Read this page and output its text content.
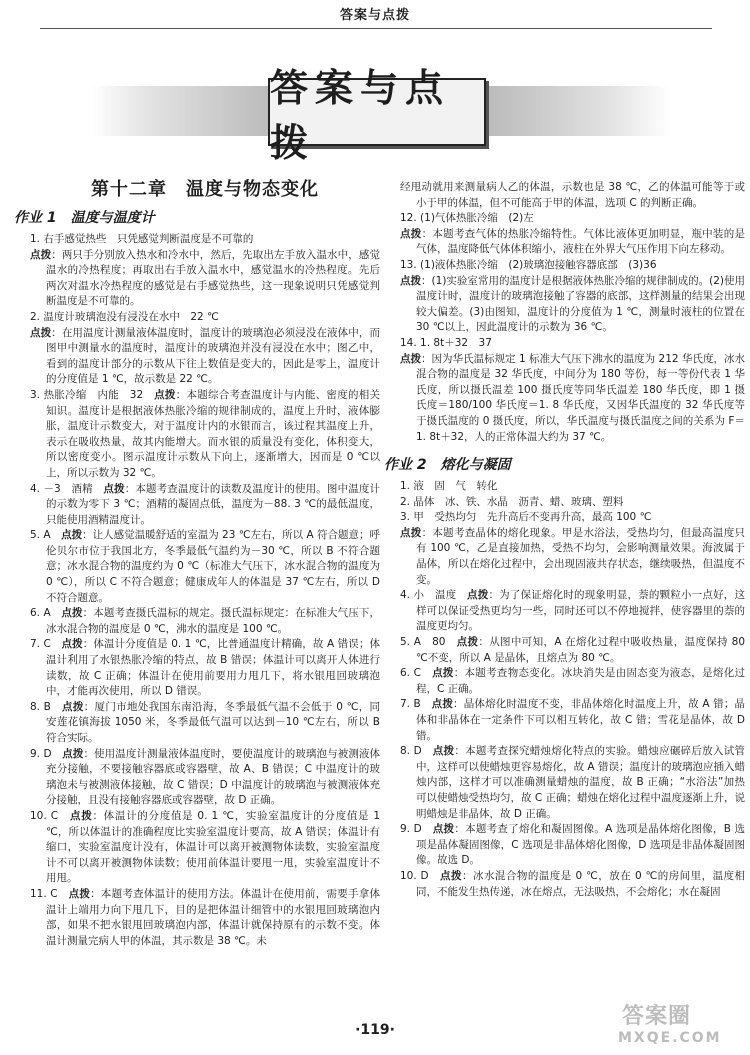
答案与点拨
答案与点拨
第十二章　温度与物态变化
作业 1　温度与温度计

1. 右手感觉热些　只凭感觉判断温度是不可靠的

点拨：两只手分别放入热水和冷水中，然后，先取出左手放入温水中，感觉温水的冷热程度；再取出右手放入温水中，感觉温水的冷热程度。先后两次对温水冷热程度的感觉是右手感觉热些，这一现象说明只凭感觉判断温度是不可靠的。

2. 温度计玻璃泡没有浸没在水中　22 ℃

点拨：在用温度计测量液体温度时，温度计的玻璃泡必须浸没在液体中，而图甲中测量水的温度时，温度计的玻璃泡并没有浸没在水中；图乙中，看到的温度计部分的示数从下往上数值是变大的，因此是零上，温度计的分度值是 1 ℃，故示数是 22 ℃。

3. 热胀冷缩　内能　32　点拨：本题综合考查温度计与内能、密度的相关知识。温度计是根据液体热胀冷缩的规律制成的，温度上升时，液体膨胀，温度计示数变大，对于温度计内的水银而言，该过程其温度上升，表示在吸收热量，故其内能增大。而水银的质量没有变化，体积变大，所以密度变小。图示温度计示数从下向上，逐渐增大，因而是 0 ℃以上，所以示数为 32 ℃。

4. －3　酒精　点拨：本题考查温度计的读数及温度计的使用。图中温度计的示数为零下 3 ℃；酒精的凝固点低，温度为－88. 3 ℃的最低温度，只能使用酒精温度计。

5. A　点拨：让人感觉温暖舒适的室温为 23 ℃左右，所以 A 符合题意；呼伦贝尔市位于我国北方，冬季最低气温约为－30 ℃，所以 B 不符合题意；冰水混合物的温度约为 0 ℃（标准大气压下，冰水混合物的温度为 0 ℃），所以 C 不符合题意；健康成年人的体温是 37 ℃左右，所以 D 不符合题意。

6. A　点拨：本题考查摄氏温标的规定。摄氏温标规定：在标准大气压下，冰水混合物的温度是 0 ℃，沸水的温度是 100 ℃。

7. C　点拨：体温计分度值是 0. 1 ℃，比普通温度计精确，故 A 错误；体温计利用了水银热胀冷缩的特点，故 B 错误；体温计可以离开人体进行读数，故 C 正确；体温计在使用前要用力甩几下，将水银甩回玻璃泡中，才能再次使用，所以 D 错误。

8. B　点拨：厦门市地处我国东南沿海，冬季最低气温不会低于 0 ℃，同安莲花镇海拔 1050 米，冬季最低气温可以达到－10 ℃左右，所以 B 符合实际。

9. D　点拨：使用温度计测量液体温度时，要使温度计的玻璃泡与被测液体充分接触，不要接触容器底或容器壁，故 A、B 错误；C 中温度计的玻璃泡未与被测液体接触，故 C 错误；D 中温度计的玻璃泡与被测液体充分接触，且没有接触容器底或容器壁，故 D 正确。

10. C　点拨：体温计的分度值是 0. 1 ℃，实验室温度计的分度值是 1 ℃，所以体温计的准确程度比实验室温度计要高，故 A 错误；体温计有缩口，实验室温度计没有，体温计可以离开被测物体读数，实验室温度计不可以离开被测物体读数；使用前体温计要甩一甩，实验室温度计不用甩。

11. C　点拨：本题考查体温计的使用方法。体温计在使用前，需要手拿体温计上端用力向下甩几下，目的是把体温计细管中的水银甩回玻璃泡内部，如果不把水银甩回玻璃泡内部，体温计就保持原有的示数不变。体温计测量完病人甲的体温，其示数是 38 ℃。未

经甩动就用来测量病人乙的体温，示数也是 38 ℃，乙的体温可能等于或小于甲的体温，但不可能高于甲的体温，选项 C 的判断正确。

12. (1)气体热胀冷缩　(2)左

点拨：本题考查气体的热胀冷缩特性。气体比液体更加明显，瓶中装的是气体，温度降低气体体积缩小，液柱在外界大气压作用下向左移动。

13. (1)液体热胀冷缩　(2)玻璃泡接触容器底部　(3)36

点拨：(1)实验室常用的温度计是根据液体热胀冷缩的规律制成的。(2)使用温度计时，温度计的玻璃泡接触了容器的底部，这样测量的结果会出现较大偏差。(3)由图知，温度计的分度值为 1 ℃，测量时液柱的位置在 30 ℃以上，因此温度计的示数为 36 ℃。

14. 1. 8t＋32　37

点拨：因为华氏温标规定 1 标准大气压下沸水的温度为 212 华氏度，冰水混合物的温度是 32 华氏度，中间分为 180 等份，每一等份代表 1 华氏度，所以摄氏温差 100 摄氏度等同华氏温差 180 华氏度，即 1 摄氏度＝180/100 华氏度＝1. 8 华氏度，又因华氏温度的 32 华氏度等于摄氏温度的 0 摄氏度，所以，华氏温度与摄氏温度之间的关系为 F＝1. 8t＋32，人的正常体温大约为 37 ℃。

作业 2　熔化与凝固

1. 液　固　气　转化

2. 晶体　冰、铁、水晶　沥青、蜡、玻璃、塑料

3. 甲　受热均匀　先升高后不变再升高，最高 100 ℃

点拨：本题考查晶体的熔化现象。甲是水浴法，受热均匀，但最高温度只有 100 ℃，乙是直接加热，受热不均匀，会影响测量效果。海波属于晶体，所以在熔化过程中，会出现固液共存状态，继续吸热，但温度不变。

4. 小　温度　点拨：为了保证熔化时的现象明显，萘的颗粒小一点好，这样可以保证受热更均匀一些，同时还可以不停地搅拌，使容器里的萘的温度更均匀。

5. A　80　点拨：从图中可知，A 在熔化过程中吸收热量，温度保持 80 ℃不变，所以 A 是晶体，且熔点为 80 ℃。

6. C　点拨：本题考查物态变化。冰块消失是由固态变为液态，是熔化过程，C 正确。

7. B　点拨：晶体熔化时温度不变，非晶体熔化时温度上升，故 A 错；晶体和非晶体在一定条件下可以相互转化，故 C 错；雪花是晶体，故 D 错。

8. D　点拨：本题考查探究蜡烛熔化特点的实验。蜡烛应碾碎后放入试管中，这样可以使蜡烛更容易熔化，故 A 错误；温度计的玻璃泡应插入蜡烛内部，这样才可以准确测量蜡烛的温度，故 B 正确；“水浴法”加热可以使蜡烛受热均匀，故 C 正确；蜡烛在熔化过程中温度逐渐上升，说明蜡烛是非晶体，故 D 正确。

9. D　点拨：本题考查了熔化和凝固图像。A 选项是晶体熔化图像，B 选项是晶体凝固图像，C 选项是非晶体熔化图像，D 选项是非晶体凝固图像。故选 D。

10. D　点拨：冰水混合物的温度是 0 ℃，放在 0 ℃的房间里，温度相同，不能发生热传递，冰在熔点，无法吸热，不会熔化；水在凝固

·119·
答案圈
MXQE.COM
